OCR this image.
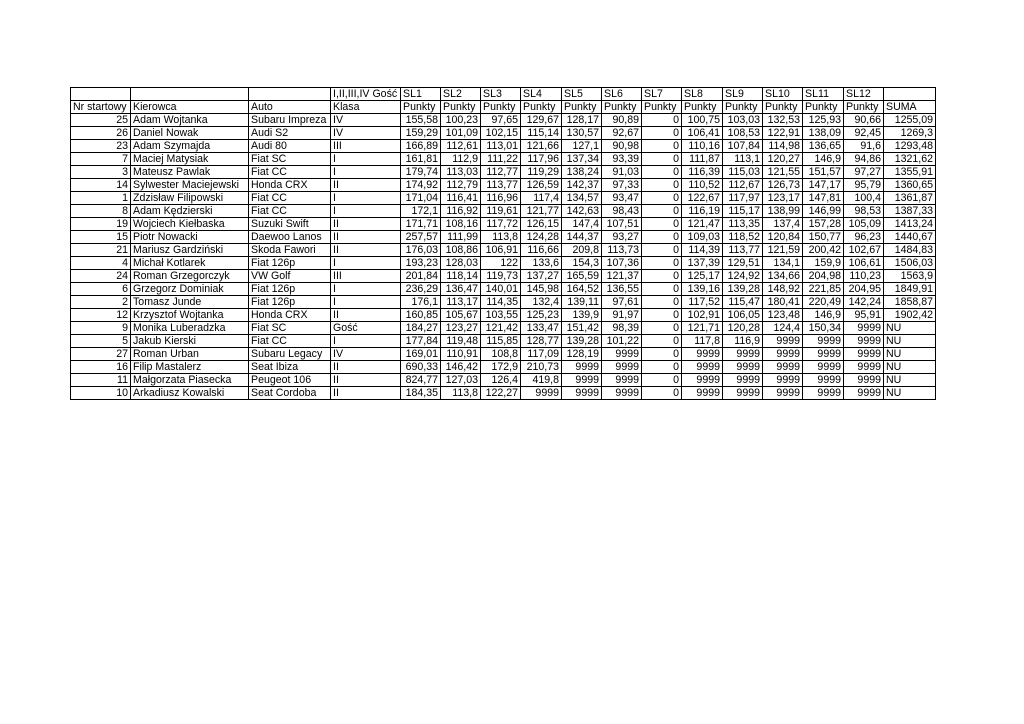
			I,II,III,IV Gość	SL1	SL2	SL3	SL4	SL5	SL6	SL7	SL8	SL9	SL10	SL11	SL12	
Nr startowy	Kierowca	Auto	Klasa	Punkty	Punkty	Punkty	Punkty	Punkty	Punkty	Punkty	Punkty	Punkty	Punkty	Punkty	Punkty	SUMA
25	Adam Wojtanka	Subaru Impreza	IV	155,58	100,23	97,65	129,67	128,17	90,89	0	100,75	103,03	132,53	125,93	90,66	1255,09
26	Daniel Nowak	Audi S2	IV	159,29	101,09	102,15	115,14	130,57	92,67	0	106,41	108,53	122,91	138,09	92,45	1269,3
23	Adam Szymajda	Audi 80	III	166,89	112,61	113,01	121,66	127,1	90,98	0	110,16	107,84	114,98	136,65	91,6	1293,48
7	Maciej Matysiak	Fiat SC	I	161,81	112,9	111,22	117,96	137,34	93,39	0	111,87	113,1	120,27	146,9	94,86	1321,62
3	Mateusz Pawlak	Fiat CC	I	179,74	113,03	112,77	119,29	138,24	91,03	0	116,39	115,03	121,55	151,57	97,27	1355,91
14	Sylwester Maciejewski	Honda CRX	II	174,92	112,79	113,77	126,59	142,37	97,33	0	110,52	112,67	126,73	147,17	95,79	1360,65
1	Zdzisław Filipowski	Fiat CC	I	171,04	116,41	116,96	117,4	134,57	93,47	0	122,67	117,97	123,17	147,81	100,4	1361,87
8	Adam Kędzierski	Fiat CC	I	172,1	116,92	119,61	121,77	142,63	98,43	0	116,19	115,17	138,99	146,99	98,53	1387,33
19	Wojciech Kiełbaska	Suzuki Swift	II	171,71	108,16	117,72	126,15	147,4	107,51	0	121,47	113,35	137,4	157,28	105,09	1413,24
15	Piotr Nowacki	Daewoo Lanos	II	257,57	111,99	113,8	124,28	144,37	93,27	0	109,03	118,52	120,84	150,77	96,23	1440,67
21	Mariusz Gardziński	Skoda Fawori	II	176,03	108,86	106,91	116,66	209,8	113,73	0	114,39	113,77	121,59	200,42	102,67	1484,83
4	Michał Kotlarek	Fiat 126p	I	193,23	128,03	122	133,6	154,3	107,36	0	137,39	129,51	134,1	159,9	106,61	1506,03
24	Roman Grzegorczyk	VW Golf	III	201,84	118,14	119,73	137,27	165,59	121,37	0	125,17	124,92	134,66	204,98	110,23	1563,9
6	Grzegorz Dominiak	Fiat 126p	I	236,29	136,47	140,01	145,98	164,52	136,55	0	139,16	139,28	148,92	221,85	204,95	1849,91
2	Tomasz Junde	Fiat 126p	I	176,1	113,17	114,35	132,4	139,11	97,61	0	117,52	115,47	180,41	220,49	142,24	1858,87
12	Krzysztof Wojtanka	Honda CRX	II	160,85	105,67	103,55	125,23	139,9	91,97	0	102,91	106,05	123,48	146,9	95,91	1902,42
9	Monika Luberadzka	Fiat SC	Gość	184,27	123,27	121,42	133,47	151,42	98,39	0	121,71	120,28	124,4	150,34	9999	NU
5	Jakub Kierski	Fiat CC	I	177,84	119,48	115,85	128,77	139,28	101,22	0	117,8	116,9	9999	9999	9999	NU
27	Roman Urban	Subaru Legacy	IV	169,01	110,91	108,8	117,09	128,19	9999	0	9999	9999	9999	9999	9999	NU
16	Filip Mastalerz	Seat Ibiza	II	690,33	146,42	172,9	210,73	9999	9999	0	9999	9999	9999	9999	9999	NU
11	Małgorzata Piasecka	Peugeot 106	II	824,77	127,03	126,4	419,8	9999	9999	0	9999	9999	9999	9999	9999	NU
10	Arkadiusz Kowalski	Seat Cordoba	II	184,35	113,8	122,27	9999	9999	9999	0	9999	9999	9999	9999	9999	NU
